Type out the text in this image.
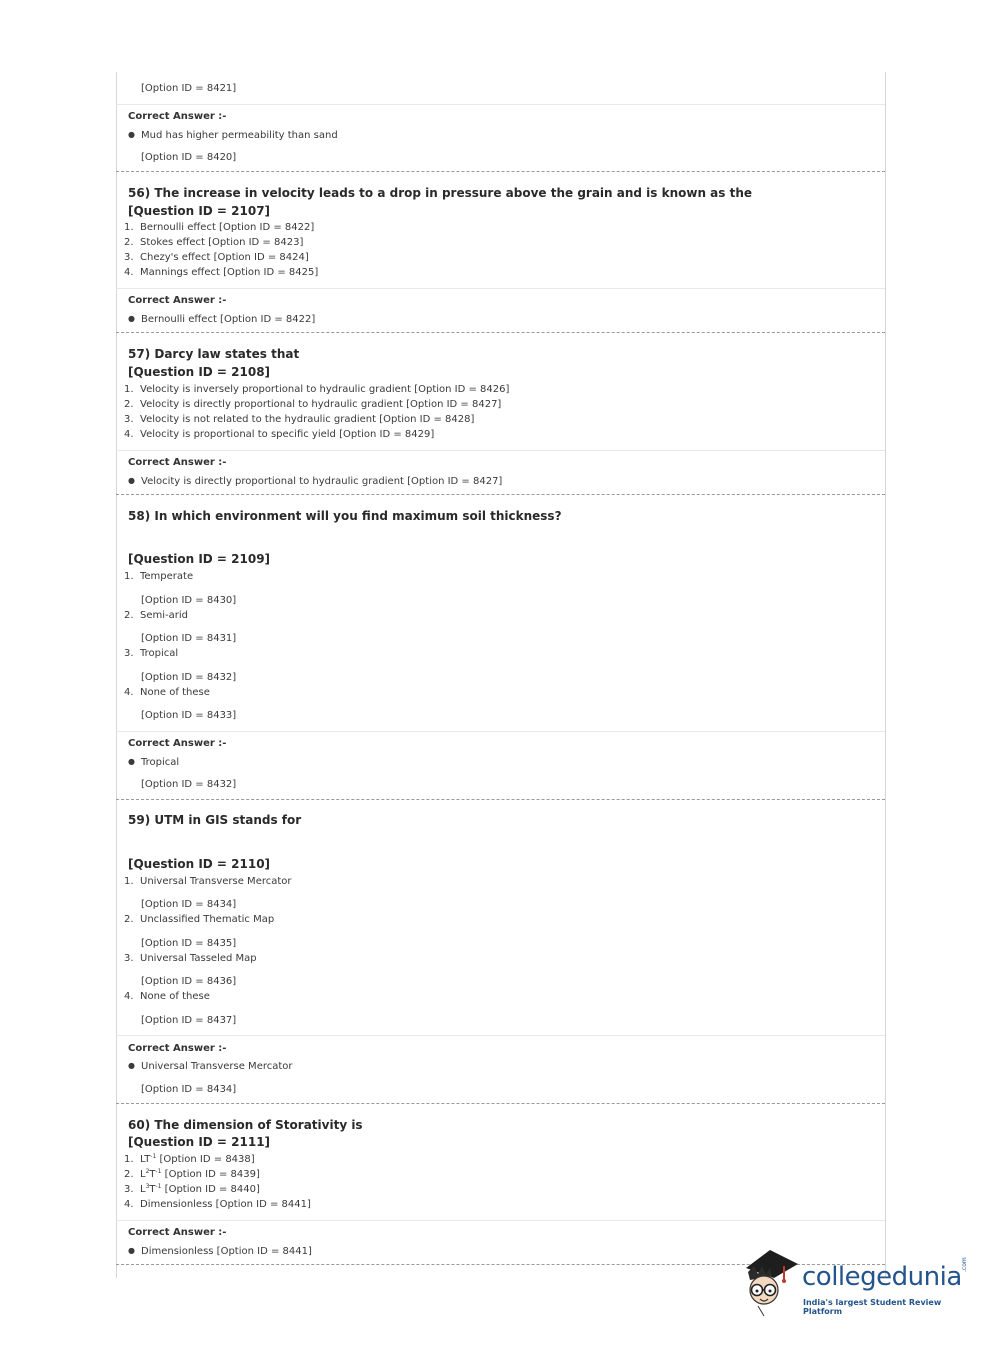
[Option ID = 8421]
Correct Answer :-
● Mud has higher permeability than sand
[Option ID = 8420]
56) The increase in velocity leads to a drop in pressure above the grain and is known as the
[Question ID = 2107]
1. Bernoulli effect [Option ID = 8422]
2. Stokes effect [Option ID = 8423]
3. Chezy's effect [Option ID = 8424]
4. Mannings effect [Option ID = 8425]
Correct Answer :-
● Bernoulli effect [Option ID = 8422]
57) Darcy law states that
[Question ID = 2108]
1. Velocity is inversely proportional to hydraulic gradient [Option ID = 8426]
2. Velocity is directly proportional to hydraulic gradient [Option ID = 8427]
3. Velocity is not related to the hydraulic gradient [Option ID = 8428]
4. Velocity is proportional to specific yield [Option ID = 8429]
Correct Answer :-
● Velocity is directly proportional to hydraulic gradient [Option ID = 8427]
58) In which environment will you find maximum soil thickness?
[Question ID = 2109]
1. Temperate
[Option ID = 8430]
2. Semi-arid
[Option ID = 8431]
3. Tropical
[Option ID = 8432]
4. None of these
[Option ID = 8433]
Correct Answer :-
● Tropical
[Option ID = 8432]
59) UTM in GIS stands for
[Question ID = 2110]
1. Universal Transverse Mercator
[Option ID = 8434]
2. Unclassified Thematic Map
[Option ID = 8435]
3. Universal Tasseled Map
[Option ID = 8436]
4. None of these
[Option ID = 8437]
Correct Answer :-
● Universal Transverse Mercator
[Option ID = 8434]
60) The dimension of Storativity is
[Question ID = 2111]
1. $LT^{-1}$ [Option ID = 8438]
2. $L^2T^{-1}$ [Option ID = 8439]
3. $L^3T^{-1}$ [Option ID = 8440]
4. Dimensionless [Option ID = 8441]
Correct Answer :-
● Dimensionless [Option ID = 8441]
collegedunia .com
India's largest Student Review Platform
